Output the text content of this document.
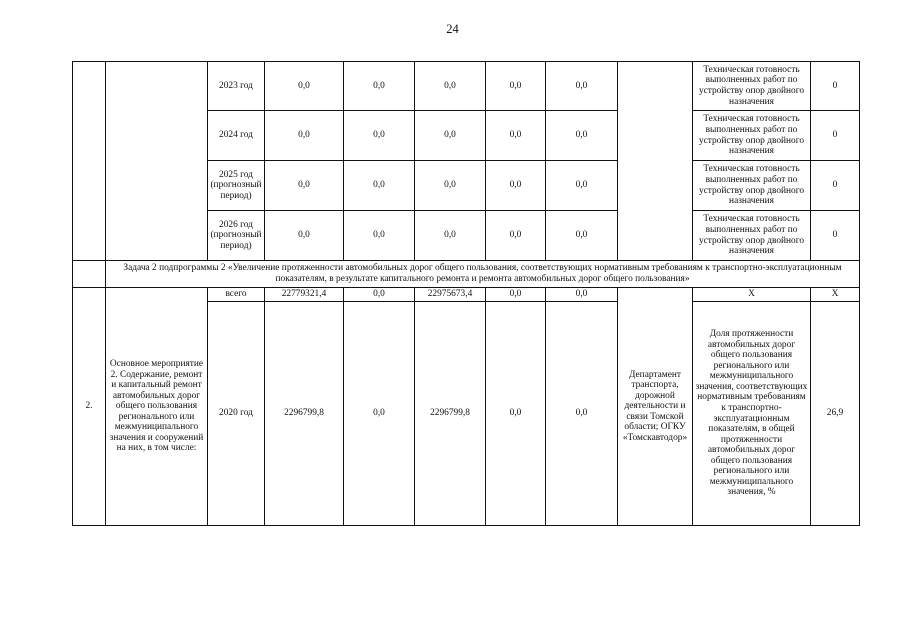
24
		2023 год	0,0	0,0	0,0	0,0	0,0		Техническая готовность выполненных работ по устройству опор двойного назначения	0
		2024 год	0,0	0,0	0,0	0,0	0,0		Техническая готовность выполненных работ по устройству опор двойного назначения	0
		2025 год (прогнозный период)	0,0	0,0	0,0	0,0	0,0		Техническая готовность выполненных работ по устройству опор двойного назначения	0
		2026 год (прогнозный период)	0,0	0,0	0,0	0,0	0,0		Техническая готовность выполненных работ по устройству опор двойного назначения	0
	Задача 2 подпрограммы 2 «Увеличение протяженности автомобильных дорог общего пользования, соответствующих нормативным требованиям к транспортно-эксплуатационным показателям, в результате капитального ремонта и ремонта автомобильных дорог общего пользования»									
2.	Основное мероприятие 2. Содержание, ремонт и капитальный ремонт автомобильных дорог общего пользования регионального или межмуниципального значения и сооружений на них, в том числе:	всего	22779321,4	0,0	22975673,4	0,0	0,0	Департамент транспорта, дорожной деятельности и связи Томской области; ОГКУ «Томскавтодор»	Х	Х
		2020 год	2296799,8	0,0	2296799,8	0,0	0,0		Доля протяженности автомобильных дорог общего пользования регионального или межмуниципального значения, соответствующих нормативным требованиям к транспортно-эксплуатационным показателям, в общей протяженности автомобильных дорог общего пользования регионального или межмуниципального значения, %	26,9
